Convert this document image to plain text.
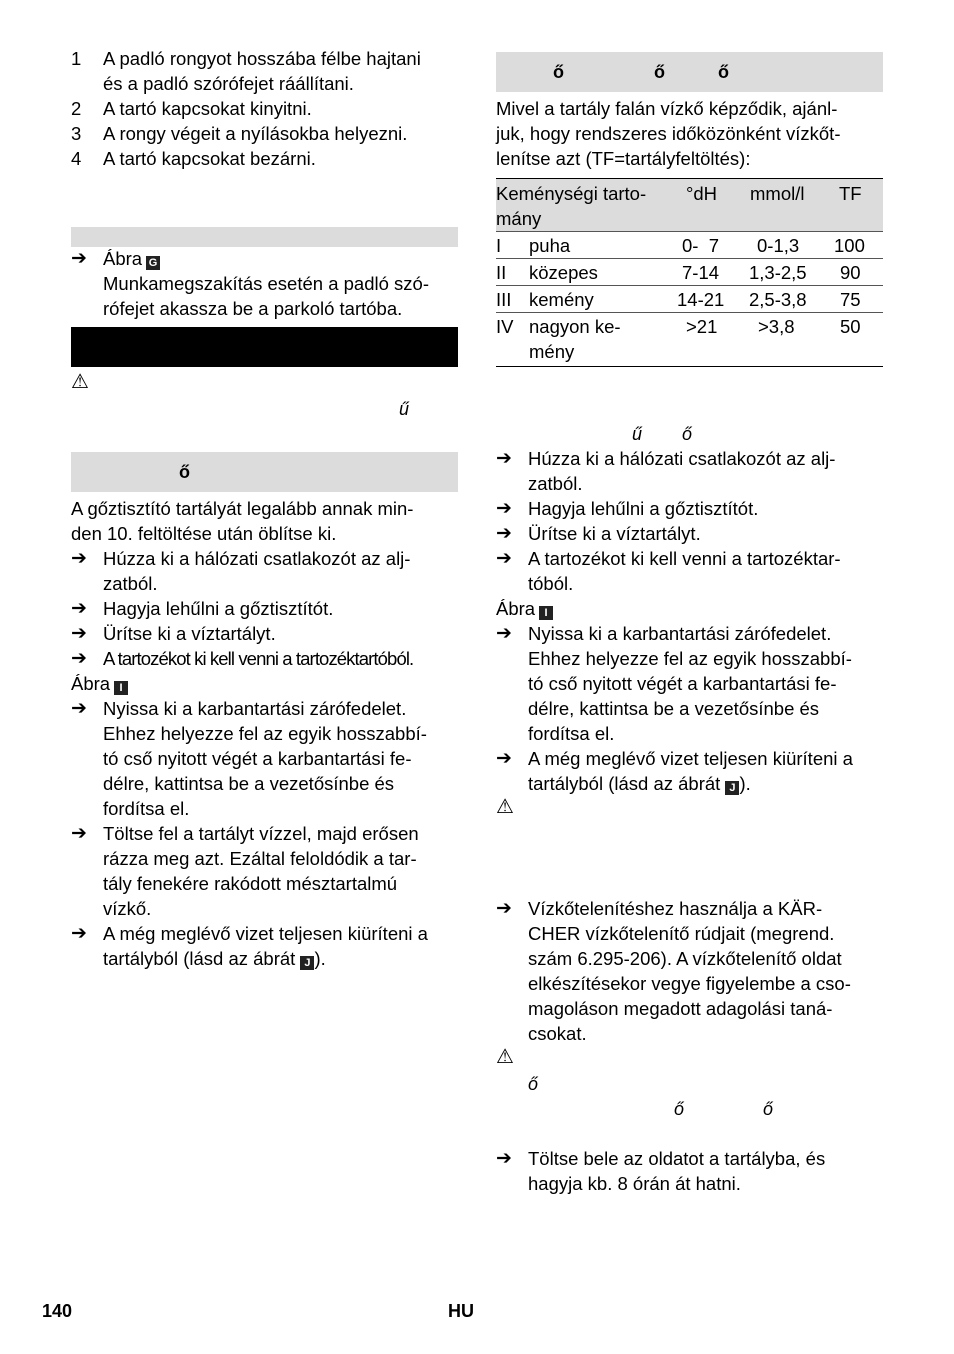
1 A padló rongyot hosszába félbe hajtani
és a padló szórófejet ráállítani.
2 A tartó kapcsokat kinyitni.
3 A rongy végeit a nyílásokba helyezni.
4 A tartó kapcsokat bezárni.
➔ Ábra G
Munkamegszakítás esetén a padló szó-
rófejet akassza be a parkoló tartóba.
⚠
ű
ő
A gőztisztító tartályát legalább annak min-
den 10. feltöltése után öblítse ki.
➔ Húzza ki a hálózati csatlakozót az alj-
zatból.
➔ Hagyja lehűlni a gőztisztítót.
➔ Ürítse ki a víztartályt.
➔ A tartozékot ki kell venni a tartozéktartóból.
Ábra I
➔ Nyissa ki a karbantartási zárófedelet.
Ehhez helyezze fel az egyik hosszabbí-
tó cső nyitott végét a karbantartási fe-
délre, kattintsa be a vezetősínbe és
fordítsa el.
➔ Töltse fel a tartályt vízzel, majd erősen
rázza meg azt. Ezáltal feloldódik a tar-
tály fenekére rakódott mésztartalmú
vízkő.
➔ A még meglévő vizet teljesen kiüríteni a
tartályból (lásd az ábrát J ).
ő	ő	ő
Mivel a tartály falán vízkő képződik, ajánl-
juk, hogy rendszeres időközönként vízkőt-
lenítse azt (TF=tartályfeltöltés):
Keménységi tarto-
mány
°dH mmol/l TF
I puha	0-  7 0-1,3 100
II közepes	7-14 1,3-2,5 90
III kemény	14-21 2,5-3,8 75
IV nagyon ke-
mény
>21 >3,8 50
ű ő
➔ Húzza ki a hálózati csatlakozót az alj-
zatból.
➔ Hagyja lehűlni a gőztisztítót.
➔ Ürítse ki a víztartályt.
➔ A tartozékot ki kell venni a tartozéktar-
tóból.
Ábra I
➔ Nyissa ki a karbantartási zárófedelet.
Ehhez helyezze fel az egyik hosszabbí-
tó cső nyitott végét a karbantartási fe-
délre, kattintsa be a vezetősínbe és
fordítsa el.
➔ A még meglévő vizet teljesen kiüríteni a
tartályból (lásd az ábrát J ).
⚠
➔ Vízkőtelenítéshez használja a KÄR-
CHER vízkőtelenítő rúdjait (megrend.
szám 6.295-206). A vízkőtelenítő oldat
elkészítésekor vegye figyelembe a cso-
magoláson megadott adagolási taná-
csokat.
⚠
ő
ő	ő
➔ Töltse bele az oldatot a tartályba, és
hagyja kb. 8 órán át hatni.
140	HU
